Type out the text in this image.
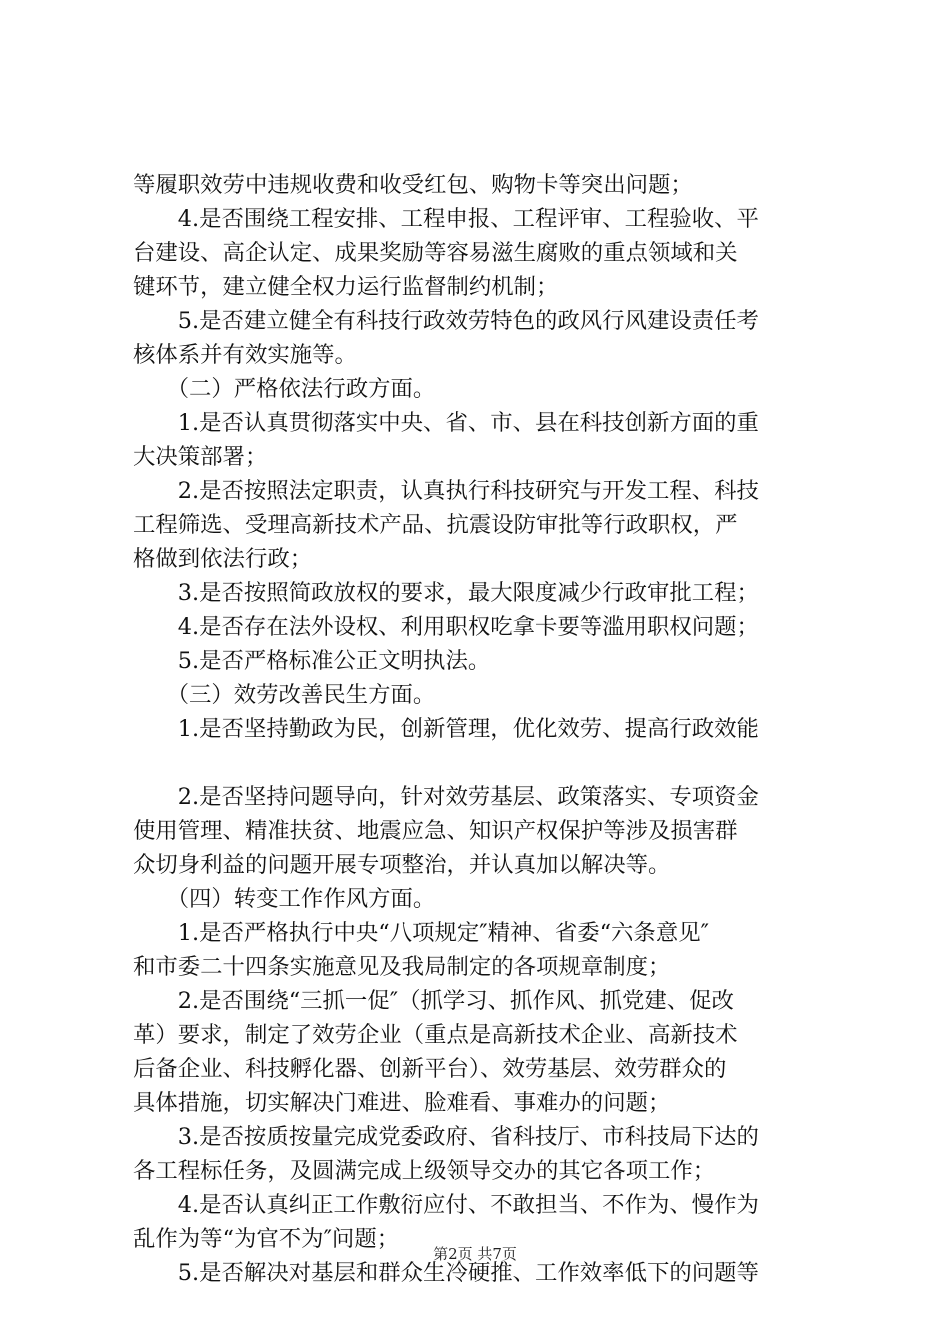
等履职效劳中违规收费和收受红包、购物卡等突出问题；
　　4.是否围绕工程安排、工程申报、工程评审、工程验收、平
台建设、高企认定、成果奖励等容易滋生腐败的重点领域和关
键环节，建立健全权力运行监督制约机制；
　　5.是否建立健全有科技行政效劳特色的政风行风建设责任考
核体系并有效实施等。
　　（二）严格依法行政方面。
　　1.是否认真贯彻落实中央、省、市、县在科技创新方面的重
大决策部署；
　　2.是否按照法定职责，认真执行科技研究与开发工程、科技
工程筛选、受理高新技术产品、抗震设防审批等行政职权，严
格做到依法行政；
　　3.是否按照简政放权的要求，最大限度减少行政审批工程；
　　4.是否存在法外设权、利用职权吃拿卡要等滥用职权问题；
　　5.是否严格标准公正文明执法。
　　（三）效劳改善民生方面。
　　1.是否坚持勤政为民，创新管理，优化效劳、提高行政效能
　　2.是否坚持问题导向，针对效劳基层、政策落实、专项资金
使用管理、精准扶贫、地震应急、知识产权保护等涉及损害群
众切身利益的问题开展专项整治，并认真加以解决等。
　　（四）转变工作作风方面。
　　1.是否严格执行中央“八项规定″精神、省委“六条意见″
和市委二十四条实施意见及我局制定的各项规章制度；
　　2.是否围绕“三抓一促″（抓学习、抓作风、抓党建、促改
革）要求，制定了效劳企业（重点是高新技术企业、高新技术
后备企业、科技孵化器、创新平台）、效劳基层、效劳群众的
具体措施，切实解决门难进、脸难看、事难办的问题；
　　3.是否按质按量完成党委政府、省科技厅、市科技局下达的
各工程标任务，及圆满完成上级领导交办的其它各项工作；
　　4.是否认真纠正工作敷衍应付、不敢担当、不作为、慢作为
乱作为等“为官不为″问题；
　　5.是否解决对基层和群众生冷硬推、工作效率低下的问题等
第2页 共7页
